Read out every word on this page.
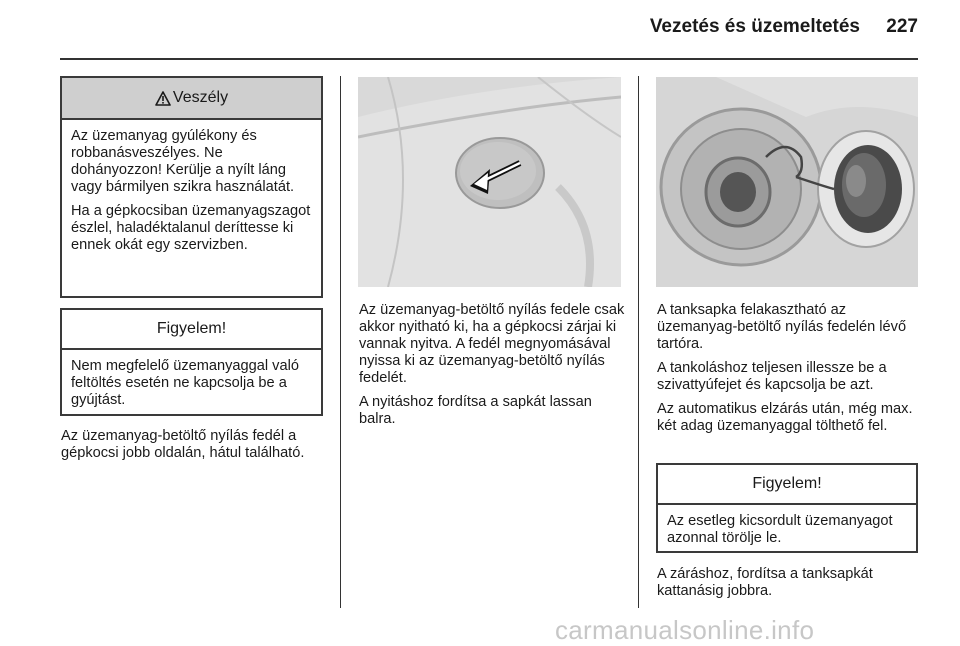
Vezetés és üzemeltetés	227
Veszély

Az üzemanyag gyúlékony és robbanásveszélyes. Ne dohányozzon! Kerülje a nyílt láng vagy bármilyen szikra használatát.

Ha a gépkocsiban üzemanyagszagot észlel, haladéktalanul deríttesse ki ennek okát egy szervizben.

Figyelem!

Nem megfelelő üzemanyaggal való feltöltés esetén ne kapcsolja be a gyújtást.

Az üzemanyag-betöltő nyílás fedél a gépkocsi jobb oldalán, hátul található.

Az üzemanyag-betöltő nyílás fedele csak akkor nyitható ki, ha a gépkocsi zárjai ki vannak nyitva. A fedél megnyomásával nyissa ki az üzemanyag-betöltő nyílás fedelét.

A nyitáshoz fordítsa a sapkát lassan balra.

A tanksapka felakasztható az üzemanyag-betöltő nyílás fedelén lévő tartóra.

A tankoláshoz teljesen illessze be a szivattyúfejet és kapcsolja be azt.

Az automatikus elzárás után, még max. két adag üzemanyaggal tölthető fel.

Figyelem!

Az esetleg kicsordult üzemanyagot azonnal törölje le.

A záráshoz, fordítsa a tanksapkát kattanásig jobbra.

carmanualsonline.info
